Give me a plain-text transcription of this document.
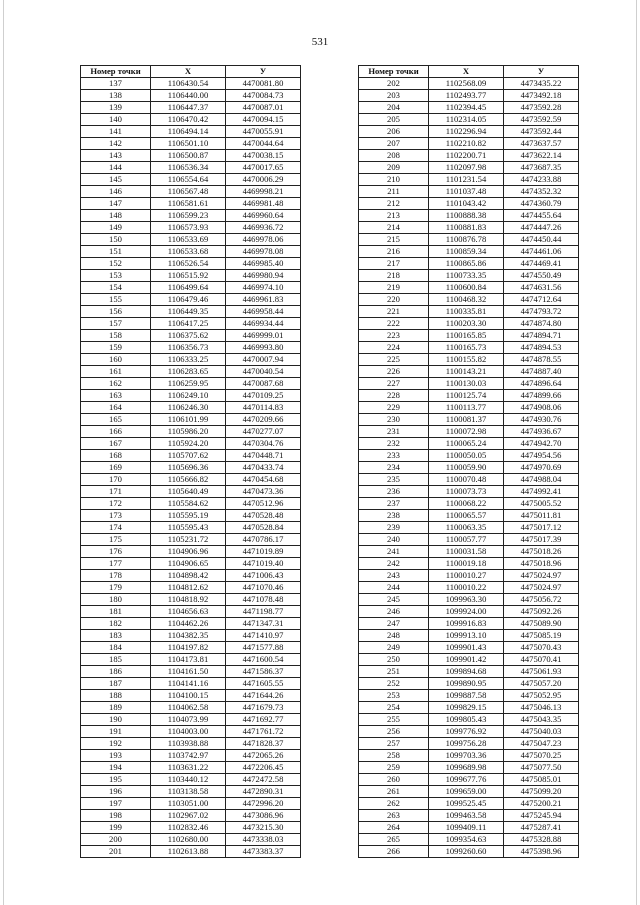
531
Номер точки	X	У
137	1106430.54	4470081.80
138	1106440.00	4470084.73
139	1106447.37	4470087.01
140	1106470.42	4470094.15
141	1106494.14	4470055.91
142	1106501.10	4470044.64
143	1106500.87	4470038.15
144	1106536.34	4470017.65
145	1106554.64	4470006.29
146	1106567.48	4469998.21
147	1106581.61	4469981.48
148	1106599.23	4469960.64
149	1106573.93	4469936.72
150	1106533.69	4469978.06
151	1106533.68	4469978.08
152	1106526.54	4469985.40
153	1106515.92	4469980.94
154	1106499.64	4469974.10
155	1106479.46	4469961.83
156	1106449.35	4469958.44
157	1106417.25	4469934.44
158	1106375.62	4469999.01
159	1106356.73	4469993.80
160	1106333.25	4470007.94
161	1106283.65	4470040.54
162	1106259.95	4470087.68
163	1106249.10	4470109.25
164	1106246.30	4470114.83
165	1106101.99	4470209.66
166	1105986.20	4470277.07
167	1105924.20	4470304.76
168	1105707.62	4470448.71
169	1105696.36	4470433.74
170	1105666.82	4470454.68
171	1105640.49	4470473.36
172	1105584.62	4470512.96
173	1105595.19	4470528.48
174	1105595.43	4470528.84
175	1105231.72	4470786.17
176	1104906.96	4471019.89
177	1104906.65	4471019.40
178	1104898.42	4471006.43
179	1104812.62	4471070.46
180	1104818.92	4471078.48
181	1104656.63	4471198.77
182	1104462.26	4471347.31
183	1104382.35	4471410.97
184	1104197.82	4471577.88
185	1104173.81	4471600.54
186	1104161.50	4471586.37
187	1104141.16	4471605.55
188	1104100.15	4471644.26
189	1104062.58	4471679.73
190	1104073.99	4471692.77
191	1104003.00	4471761.72
192	1103938.88	4471828.37
193	1103742.97	4472065.26
194	1103631.22	4472206.45
195	1103440.12	4472472.58
196	1103138.58	4472890.31
197	1103051.00	4472996.20
198	1102967.02	4473086.96
199	1102832.46	4473215.30
200	1102680.00	4473338.03
201	1102613.88	4473383.37
Номер точки	X	У
202	1102568.09	4473435.22
203	1102493.77	4473492.18
204	1102394.45	4473592.28
205	1102314.05	4473592.59
206	1102296.94	4473592.44
207	1102210.82	4473637.57
208	1102200.71	4473622.14
209	1102097.98	4473687.35
210	1101231.54	4474233.88
211	1101037.48	4474352.32
212	1101043.42	4474360.79
213	1100888.38	4474455.64
214	1100881.83	4474447.26
215	1100876.78	4474450.44
216	1100859.34	4474461.06
217	1100865.86	4474469.41
218	1100733.35	4474550.49
219	1100600.84	4474631.56
220	1100468.32	4474712.64
221	1100335.81	4474793.72
222	1100203.30	4474874.80
223	1100165.85	4474894.71
224	1100165.73	4474894.53
225	1100155.82	4474878.55
226	1100143.21	4474887.40
227	1100130.03	4474896.64
228	1100125.74	4474899.66
229	1100113.77	4474908.06
230	1100081.37	4474930.76
231	1100072.98	4474936.67
232	1100065.24	4474942.70
233	1100050.05	4474954.56
234	1100059.90	4474970.69
235	1100070.48	4474988.04
236	1100073.73	4474992.41
237	1100068.22	4475005.52
238	1100065.57	4475011.81
239	1100063.35	4475017.12
240	1100057.77	4475017.39
241	1100031.58	4475018.26
242	1100019.18	4475018.96
243	1100010.27	4475024.97
244	1100010.22	4475024.97
245	1099963.30	4475056.72
246	1099924.00	4475092.26
247	1099916.83	4475089.90
248	1099913.10	4475085.19
249	1099901.43	4475070.43
250	1099901.42	4475070.41
251	1099894.68	4475061.93
252	1099890.95	4475057.20
253	1099887.58	4475052.95
254	1099829.15	4475046.13
255	1099805.43	4475043.35
256	1099776.92	4475040.03
257	1099756.28	4475047.23
258	1099703.36	4475070.25
259	1099689.98	4475077.50
260	1099677.76	4475085.01
261	1099659.00	4475099.20
262	1099525.45	4475200.21
263	1099463.58	4475245.94
264	1099409.11	4475287.41
265	1099354.63	4475328.88
266	1099260.60	4475398.96
